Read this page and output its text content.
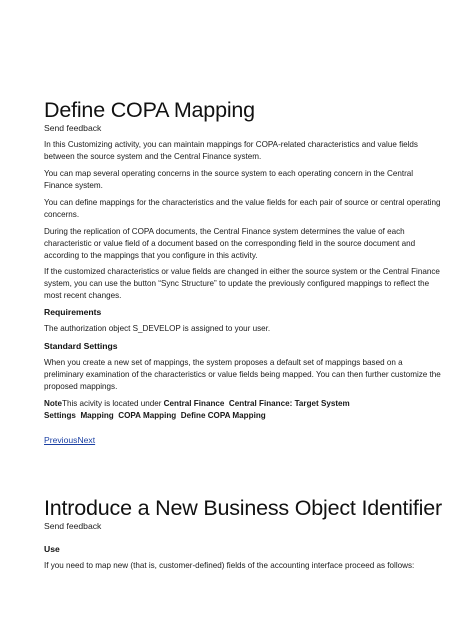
Define COPA Mapping
Send feedback

In this Customizing activity, you can maintain mappings for COPA-related characteristics and value fields between the source system and the Central Finance system.

You can map several operating concerns in the source system to each operating concern in the Central Finance system.

You can define mappings for the characteristics and the value fields for each pair of source or central operating concerns.

During the replication of COPA documents, the Central Finance system determines the value of each characteristic or value field of a document based on the corresponding field in the source document and according to the mappings that you configure in this activity.

If the customized characteristics or value fields are changed in either the source system or the Central Finance system, you can use the button “Sync Structure” to update the previously configured mappings to reflect the most recent changes.

Requirements

The authorization object S_DEVELOP is assigned to your user.

Standard Settings

When you create a new set of mappings, the system proposes a default set of mappings based on a preliminary examination of the characteristics or value fields being mapped. You can then further customize the proposed mappings.

NoteThis acivity is located under Central Finance Central Finance: Target System
Settings Mapping COPA Mapping Define COPA Mapping

PreviousNext
Introduce a New Business Object Identifier
Send feedback
Use

If you need to map new (that is, customer-defined) fields of the accounting interface proceed as follows:
